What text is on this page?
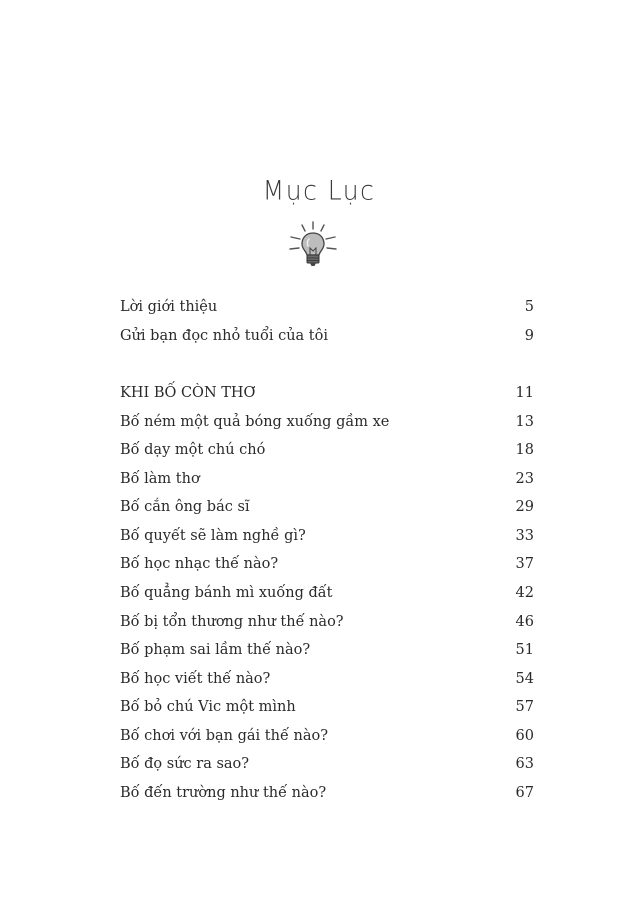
Mục Lục
Lời giới thiệu	5
Gửi bạn đọc nhỏ tuổi của tôi	9
KHI BỐ CÒN THƠ	11
Bố ném một quả bóng xuống gầm xe	13
Bố dạy một chú chó	18
Bố làm thơ	23
Bố cắn ông bác sĩ	29
Bố quyết sẽ làm nghề gì?	33
Bố học nhạc thế nào?	37
Bố quẳng bánh mì xuống đất	42
Bố bị tổn thương như thế nào?	46
Bố phạm sai lầm thế nào?	51
Bố học viết thế nào?	54
Bố bỏ chú Vic một mình	57
Bố chơi với bạn gái thế nào?	60
Bố đọ sức ra sao?	63
Bố đến trường như thế nào?	67
